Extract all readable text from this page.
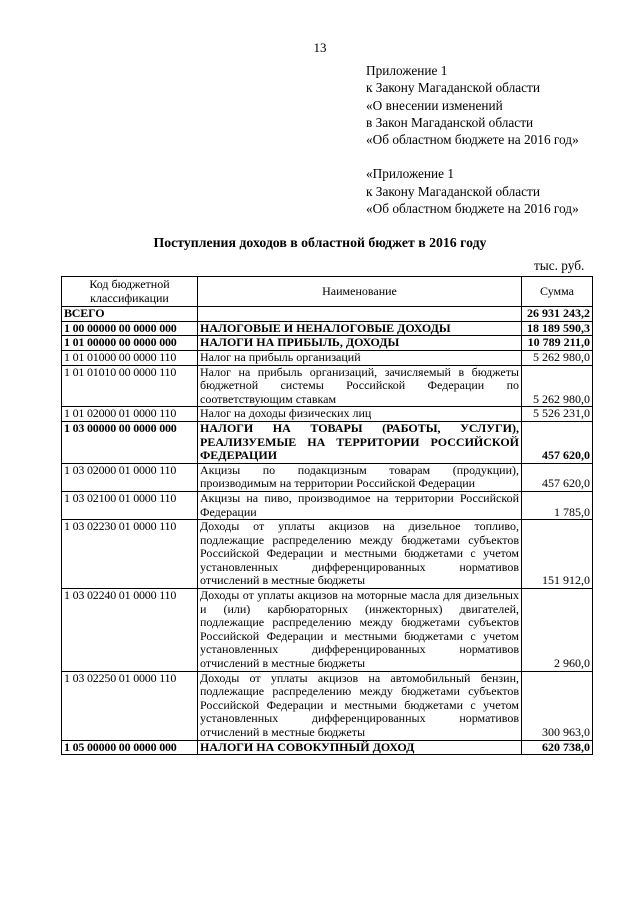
13
Приложение 1
к Закону Магаданской области
«О внесении изменений
в Закон Магаданской области
«Об областном бюджете на 2016 год»
«Приложение 1
к Закону Магаданской области
«Об областном бюджете на 2016 год»
Поступления доходов в областной бюджет в 2016 году
тыс. руб.
Код бюджетной классификации	Наименование	Сумма
ВСЕГО		26 931 243,2
1 00 00000 00 0000 000	НАЛОГОВЫЕ И НЕНАЛОГОВЫЕ ДОХОДЫ	18 189 590,3
1 01 00000 00 0000 000	НАЛОГИ НА ПРИБЫЛЬ, ДОХОДЫ	10 789 211,0
1 01 01000 00 0000 110	Налог на прибыль организаций	5 262 980,0
1 01 01010 00 0000 110	Налог на прибыль организаций, зачисляемый в бюджеты бюджетной системы Российской Федерации по соответствующим ставкам	5 262 980,0
1 01 02000 01 0000 110	Налог на доходы физических лиц	5 526 231,0
1 03 00000 00 0000 000	НАЛОГИ НА ТОВАРЫ (РАБОТЫ, УСЛУГИ), РЕАЛИЗУЕМЫЕ НА ТЕРРИТОРИИ РОССИЙСКОЙ ФЕДЕРАЦИИ	457 620,0
1 03 02000 01 0000 110	Акцизы по подакцизным товарам (продукции), производимым на территории Российской Федерации	457 620,0
1 03 02100 01 0000 110	Акцизы на пиво, производимое на территории Российской Федерации	1 785,0
1 03 02230 01 0000 110	Доходы от уплаты акцизов на дизельное топливо, подлежащие распределению между бюджетами субъектов Российской Федерации и местными бюджетами с учетом установленных дифференцированных нормативов отчислений в местные бюджеты	151 912,0
1 03 02240 01 0000 110	Доходы от уплаты акцизов на моторные масла для дизельных и (или) карбюраторных (инжекторных) двигателей, подлежащие распределению между бюджетами субъектов Российской Федерации и местными бюджетами с учетом установленных дифференцированных нормативов отчислений в местные бюджеты	2 960,0
1 03 02250 01 0000 110	Доходы от уплаты акцизов на автомобильный бензин, подлежащие распределению между бюджетами субъектов Российской Федерации и местными бюджетами с учетом установленных дифференцированных нормативов отчислений в местные бюджеты	300 963,0
1 05 00000 00 0000 000	НАЛОГИ НА СОВОКУПНЫЙ ДОХОД	620 738,0
